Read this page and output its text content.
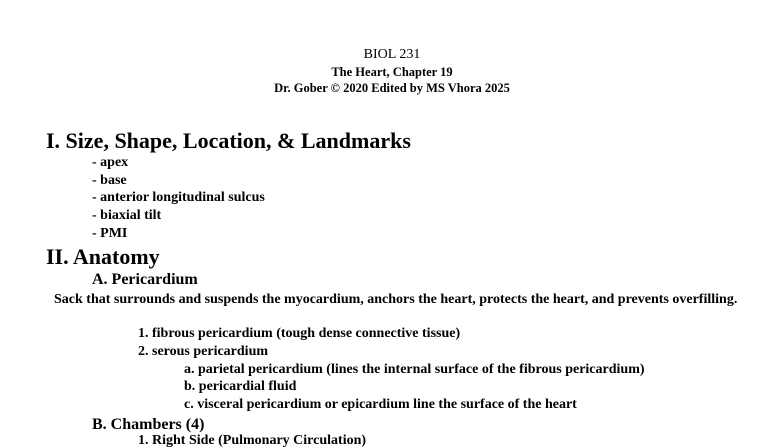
BIOL 231
The Heart, Chapter 19
Dr. Gober © 2020 Edited by MS Vhora 2025
I. Size, Shape, Location, & Landmarks
- apex
- base
- anterior longitudinal sulcus
- biaxial tilt
- PMI
II. Anatomy
A. Pericardium
Sack that surrounds and suspends the myocardium, anchors the heart, protects the heart, and prevents overfilling.
1. fibrous pericardium (tough dense connective tissue)
2. serous pericardium
a. parietal pericardium (lines the internal surface of the fibrous pericardium)
b. pericardial fluid
c. visceral pericardium or epicardium line the surface of the heart
B. Chambers (4)
1. Right Side (Pulmonary Circulation)
